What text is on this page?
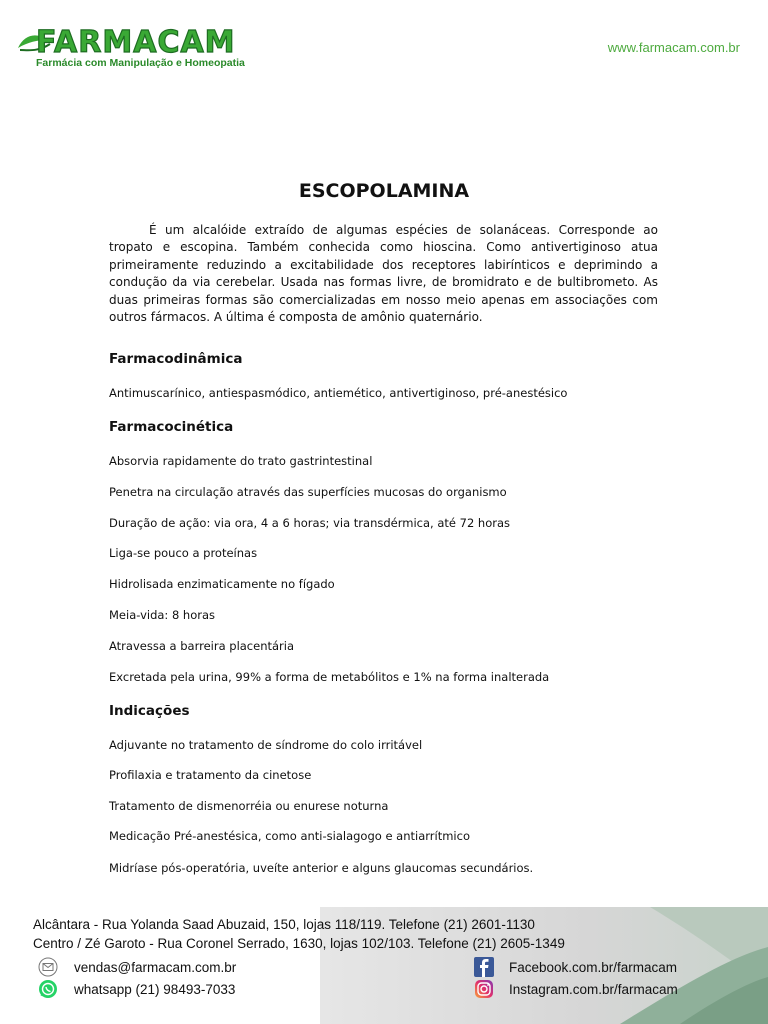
FARMACAM
Farmácia com Manipulação e Homeopatia
www.farmacam.com.br
ESCOPOLAMINA

É um alcalóide extraído de algumas espécies de solanáceas. Corresponde ao tropato e escopina. Também conhecida como hioscina. Como antivertiginoso atua primeiramente reduzindo a excitabilidade dos receptores labirínticos e deprimindo a condução da via cerebelar. Usada nas formas livre, de bromidrato e de bultibrometo. As duas primeiras formas são comercializadas em nosso meio apenas em associações com outros fármacos. A última é composta de amônio quaternário.

Farmacodinâmica

Antimuscarínico, antiespasmódico, antiemético, antivertiginoso, pré-anestésico

Farmacocinética

Absorvia rapidamente do trato gastrintestinal

Penetra na circulação através das superfícies mucosas do organismo

Duração de ação: via ora, 4 a 6 horas; via transdérmica, até 72 horas

Liga-se pouco a proteínas

Hidrolisada enzimaticamente no fígado

Meia-vida: 8 horas

Atravessa a barreira placentária

Excretada pela urina, 99% a forma de metabólitos e 1% na forma inalterada

Indicações

Adjuvante no tratamento de síndrome do colo irritável

Profilaxia e tratamento da cinetose

Tratamento de dismenorréia ou enurese noturna

Medicação Pré-anestésica, como anti-sialagogo e antiarrítmico

Midríase pós-operatória, uveíte anterior e alguns glaucomas secundários.

Alcântara - Rua Yolanda Saad Abuzaid, 150, lojas 118/119. Telefone (21) 2601-1130
Centro / Zé Garoto - Rua Coronel Serrado, 1630, lojas 102/103. Telefone (21) 2605-1349
vendas@farmacam.com.br
whatsapp (21) 98493-7033
Facebook.com.br/farmacam
Instagram.com.br/farmacam
